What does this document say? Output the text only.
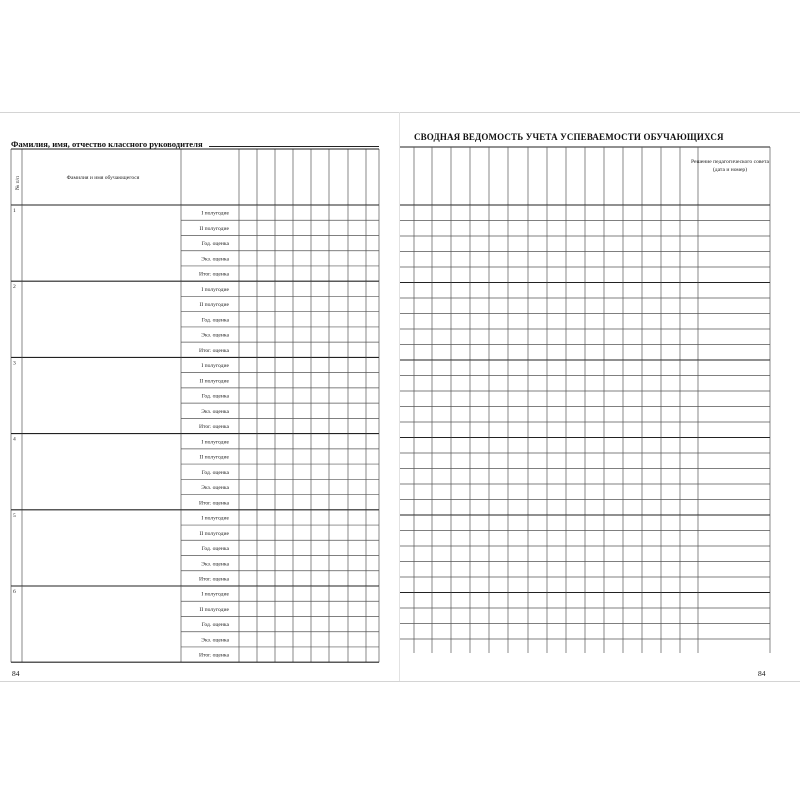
Фамилия, имя, отчество классного руководителя
№ п/п	Фамилия и имя обучающегося
1	I полугодие
II полугодие
Год. оценка
Экз. оценка
Итог. оценка
2	I полугодие
II полугодие
Год. оценка
Экз. оценка
Итог. оценка
3	I полугодие
II полугодие
Год. оценка
Экз. оценка
Итог. оценка
4	I полугодие
II полугодие
Год. оценка
Экз. оценка
Итог. оценка
5	I полугодие
II полугодие
Год. оценка
Экз. оценка
Итог. оценка
6	I полугодие
II полугодие
Год. оценка
Экз. оценка
Итог. оценка
84
СВОДНАЯ ВЕДОМОСТЬ УЧЕТА УСПЕВАЕМОСТИ ОБУЧАЮЩИХСЯ
Решение педагогического совета (дата и номер)
84
